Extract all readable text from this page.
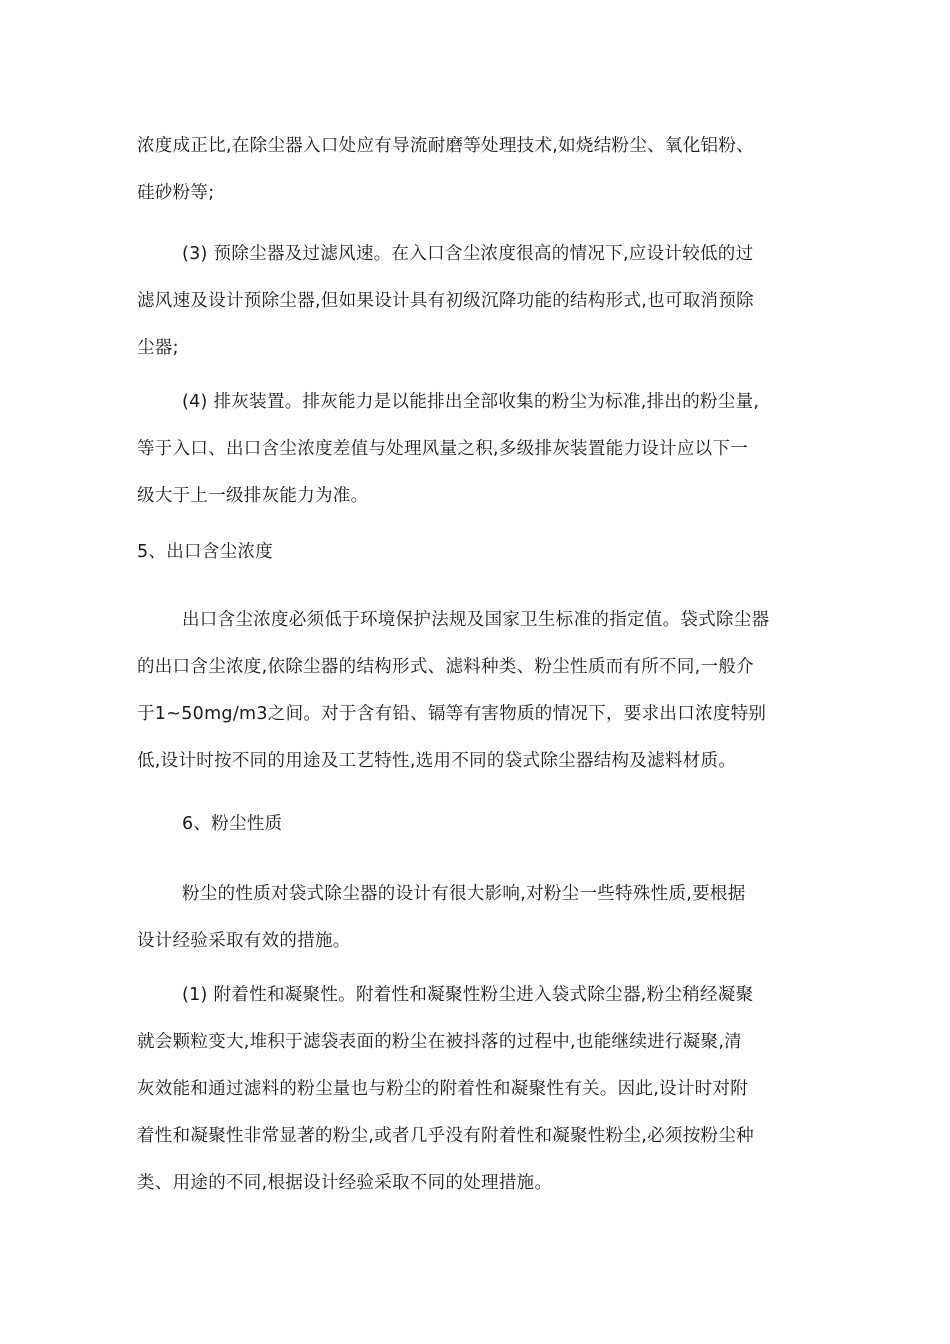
浓度成正比,在除尘器入口处应有导流耐磨等处理技术,如烧结粉尘、氧化铝粉、
硅砂粉等;
(3) 预除尘器及过滤风速。在入口含尘浓度很高的情况下,应设计较低的过
滤风速及设计预除尘器,但如果设计具有初级沉降功能的结构形式,也可取消预除
尘器;
(4) 排灰装置。排灰能力是以能排出全部收集的粉尘为标准,排出的粉尘量,
等于入口、出口含尘浓度差值与处理风量之积,多级排灰装置能力设计应以下一
级大于上一级排灰能力为准。
5、出口含尘浓度
出口含尘浓度必须低于环境保护法规及国家卫生标准的指定值。袋式除尘器
的出口含尘浓度,依除尘器的结构形式、滤料种类、粉尘性质而有所不同,一般介
于1~50mg/m3之间。对于含有铅、镉等有害物质的情况下，要求出口浓度特别
低,设计时按不同的用途及工艺特性,选用不同的袋式除尘器结构及滤料材质。
6、粉尘性质
粉尘的性质对袋式除尘器的设计有很大影响,对粉尘一些特殊性质,要根据
设计经验采取有效的措施。
(1) 附着性和凝聚性。附着性和凝聚性粉尘进入袋式除尘器,粉尘稍经凝聚
就会颗粒变大,堆积于滤袋表面的粉尘在被抖落的过程中,也能继续进行凝聚,清
灰效能和通过滤料的粉尘量也与粉尘的附着性和凝聚性有关。因此,设计时对附
着性和凝聚性非常显著的粉尘,或者几乎没有附着性和凝聚性粉尘,必须按粉尘种
类、用途的不同,根据设计经验采取不同的处理措施。
